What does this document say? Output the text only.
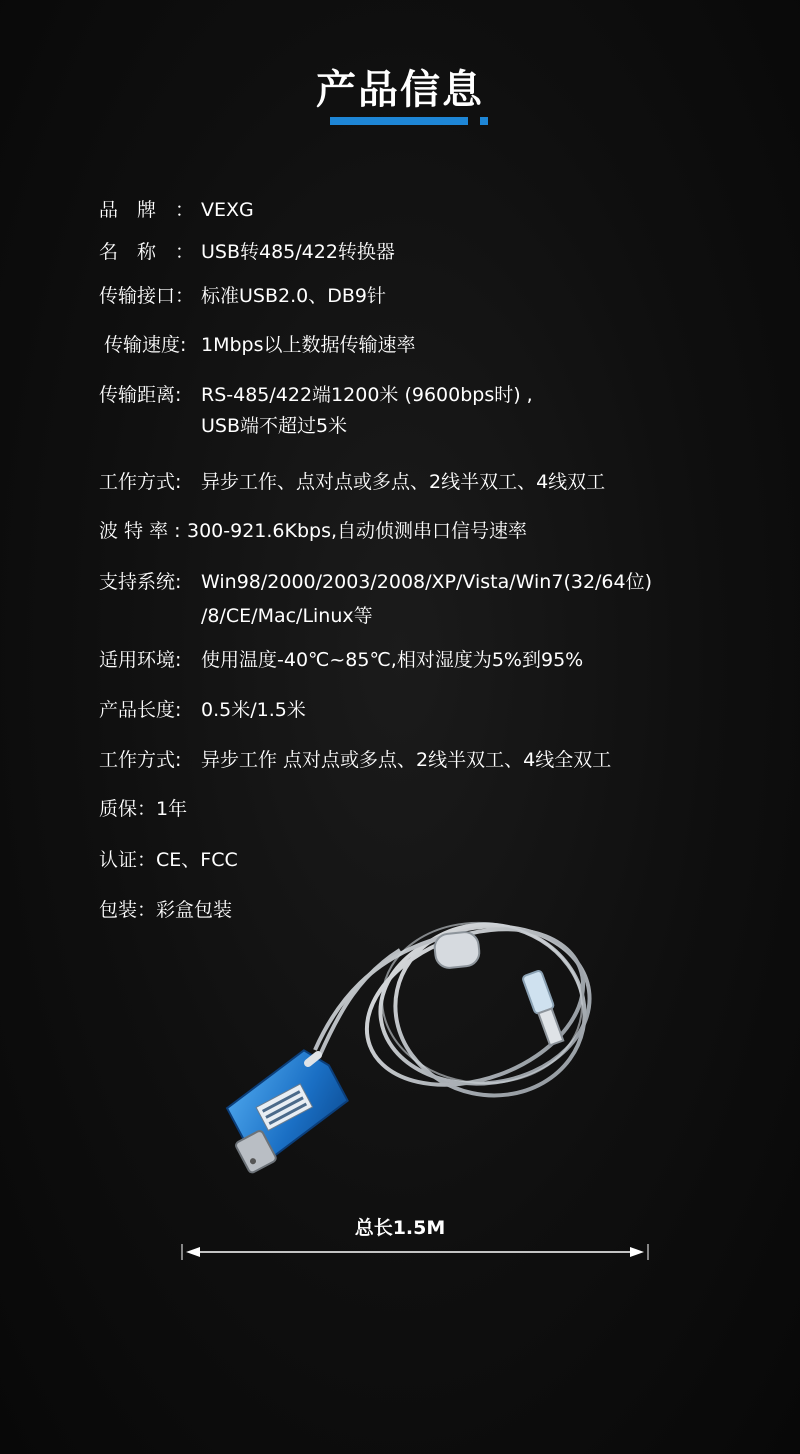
产品信息
品　牌　： VEXG
名　称　： USB转485/422转换器
传输接口： 标准USB2.0、DB9针
传输速度: 1Mbps以上数据传输速率
传输距离: RS-485/422端1200米 (9600bps时) ,
USB端不超过5米
工作方式: 异步工作、点对点或多点、2线半双工、4线双工
波 特 率 : 300-921.6Kbps,自动侦测串口信号速率
支持系统: Win98/2000/2003/2008/XP/Vista/Win7(32/64位)
/8/CE/Mac/Linux等
适用环境: 使用温度-40℃~85℃,相对湿度为5%到95%
产品长度: 0.5米/1.5米
工作方式: 异步工作 点对点或多点、2线半双工、4线全双工
质保：1年
认证：CE、FCC
包装：彩盒包装
总长1.5M
